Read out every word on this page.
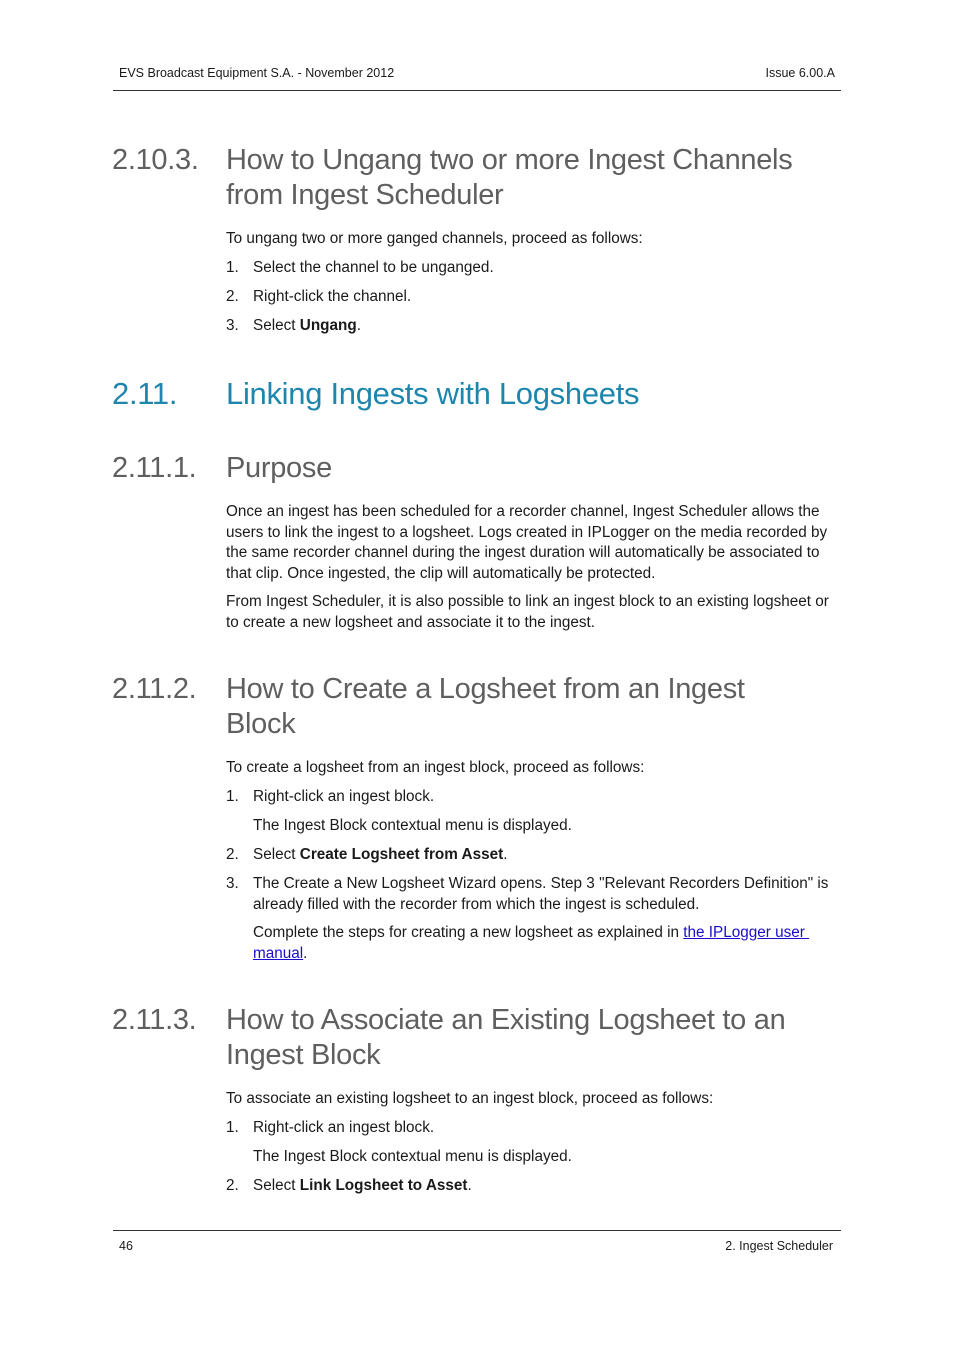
EVS Broadcast Equipment S.A. - November 2012	Issue 6.00.A
2.10.3. How to Ungang two or more Ingest Channels
from Ingest Scheduler

To ungang two or more ganged channels, proceed as follows:

1. Select the channel to be unganged.
2. Right-click the channel.
3. Select Ungang.
2.11. Linking Ingests with Logsheets
2.11.1. Purpose

Once an ingest has been scheduled for a recorder channel, Ingest Scheduler allows the
users to link the ingest to a logsheet. Logs created in IPLogger on the media recorded by
the same recorder channel during the ingest duration will automatically be associated to
that clip. Once ingested, the clip will automatically be protected.

From Ingest Scheduler, it is also possible to link an ingest block to an existing logsheet or
to create a new logsheet and associate it to the ingest.

2.11.2. How to Create a Logsheet from an Ingest
Block

To create a logsheet from an ingest block, proceed as follows:

1. Right-click an ingest block.

The Ingest Block contextual menu is displayed.

2. Select Create Logsheet from Asset.
3. The Create a New Logsheet Wizard opens. Step 3 "Relevant Recorders Definition" is
already filled with the recorder from which the ingest is scheduled.

Complete the steps for creating a new logsheet as explained in the IPLogger user
manual.

2.11.3. How to Associate an Existing Logsheet to an
Ingest Block

To associate an existing logsheet to an ingest block, proceed as follows:

1. Right-click an ingest block.

The Ingest Block contextual menu is displayed.

2. Select Link Logsheet to Asset.
46	2. Ingest Scheduler
